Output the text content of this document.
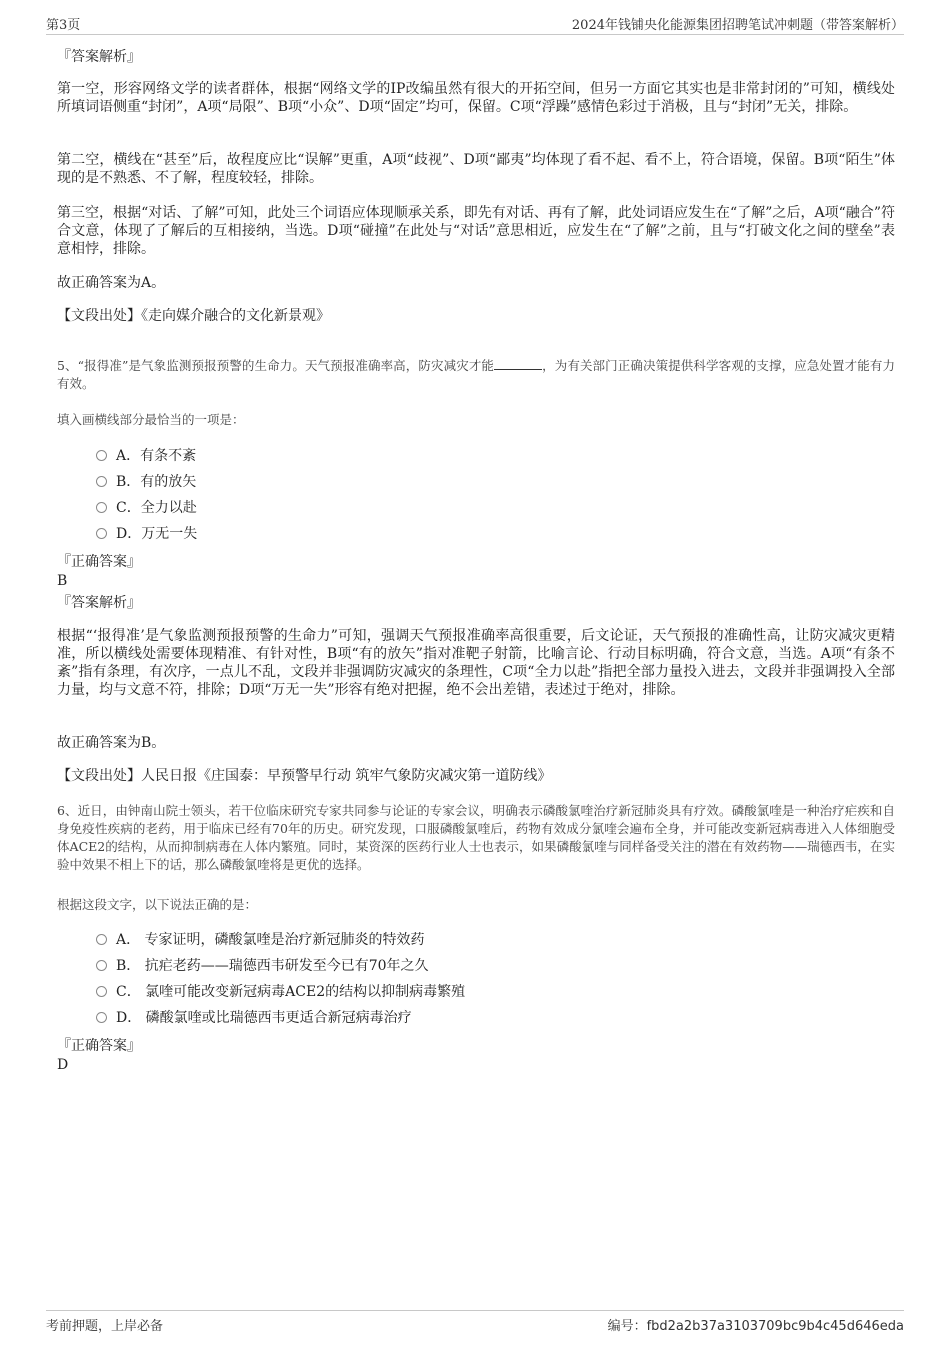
第3页	2024年钱铺央化能源集团招聘笔试冲刺题（带答案解析）
『答案解析』
第一空，形容网络文学的读者群体，根据“网络文学的IP改编虽然有很大的开拓空间，但另一方面它其实也是非常封闭的”可知，横线处所填词语侧重“封闭”，A项“局限”、B项“小众”、D项“固定”均可，保留。C项“浮躁”感情色彩过于消极，且与“封闭”无关，排除。
第二空，横线在“甚至”后，故程度应比“误解”更重，A项“歧视”、D项“鄙夷”均体现了看不起、看不上，符合语境，保留。B项“陌生”体现的是不熟悉、不了解，程度较轻，排除。
第三空，根据“对话、了解”可知，此处三个词语应体现顺承关系，即先有对话、再有了解，此处词语应发生在“了解”之后，A项“融合”符合文意，体现了了解后的互相接纳，当选。D项“碰撞”在此处与“对话”意思相近，应发生在“了解”之前，且与“打破文化之间的壁垒”表意相悖，排除。
故正确答案为A。
【文段出处】《走向媒介融合的文化新景观》
5、“报得准”是气象监测预报预警的生命力。天气预报准确率高，防灾减灾才能	，为有关部门正确决策提供科学客观的支撑，应急处置才能有力有效。
填入画横线部分最恰当的一项是：
A．有条不紊
B．有的放矢
C．全力以赴
D．万无一失
『正确答案』
B
『答案解析』
根据“‘报得准’是气象监测预报预警的生命力”可知，强调天气预报准确率高很重要，后文论证，天气预报的准确性高，让防灾减灾更精准，所以横线处需要体现精准、有针对性，B项“有的放矢”指对准靶子射箭，比喻言论、行动目标明确，符合文意，当选。A项“有条不紊”指有条理，有次序，一点儿不乱，文段并非强调防灾减灾的条理性，C项“全力以赴”指把全部力量投入进去，文段并非强调投入全部力量，均与文意不符，排除；D项“万无一失”形容有绝对把握，绝不会出差错，表述过于绝对，排除。
故正确答案为B。
【文段出处】人民日报《庄国泰：早预警早行动 筑牢气象防灾减灾第一道防线》
6、近日，由钟南山院士领头，若干位临床研究专家共同参与论证的专家会议，明确表示磷酸氯喹治疗新冠肺炎具有疗效。磷酸氯喹是一种治疗疟疾和自身免疫性疾病的老药，用于临床已经有70年的历史。研究发现，口服磷酸氯喹后，药物有效成分氯喹会遍布全身，并可能改变新冠病毒进入人体细胞受体ACE2的结构，从而抑制病毒在人体内繁殖。同时，某资深的医药行业人士也表示，如果磷酸氯喹与同样备受关注的潜在有效药物——瑞德西韦，在实验中效果不相上下的话，那么磷酸氯喹将是更优的选择。
根据这段文字，以下说法正确的是：
A． 专家证明，磷酸氯喹是治疗新冠肺炎的特效药
B． 抗疟老药——瑞德西韦研发至今已有70年之久
C． 氯喹可能改变新冠病毒ACE2的结构以抑制病毒繁殖
D． 磷酸氯喹或比瑞德西韦更适合新冠病毒治疗
『正确答案』
D
考前押题，上岸必备	编号：fbd2a2b37a3103709bc9b4c45d646eda
